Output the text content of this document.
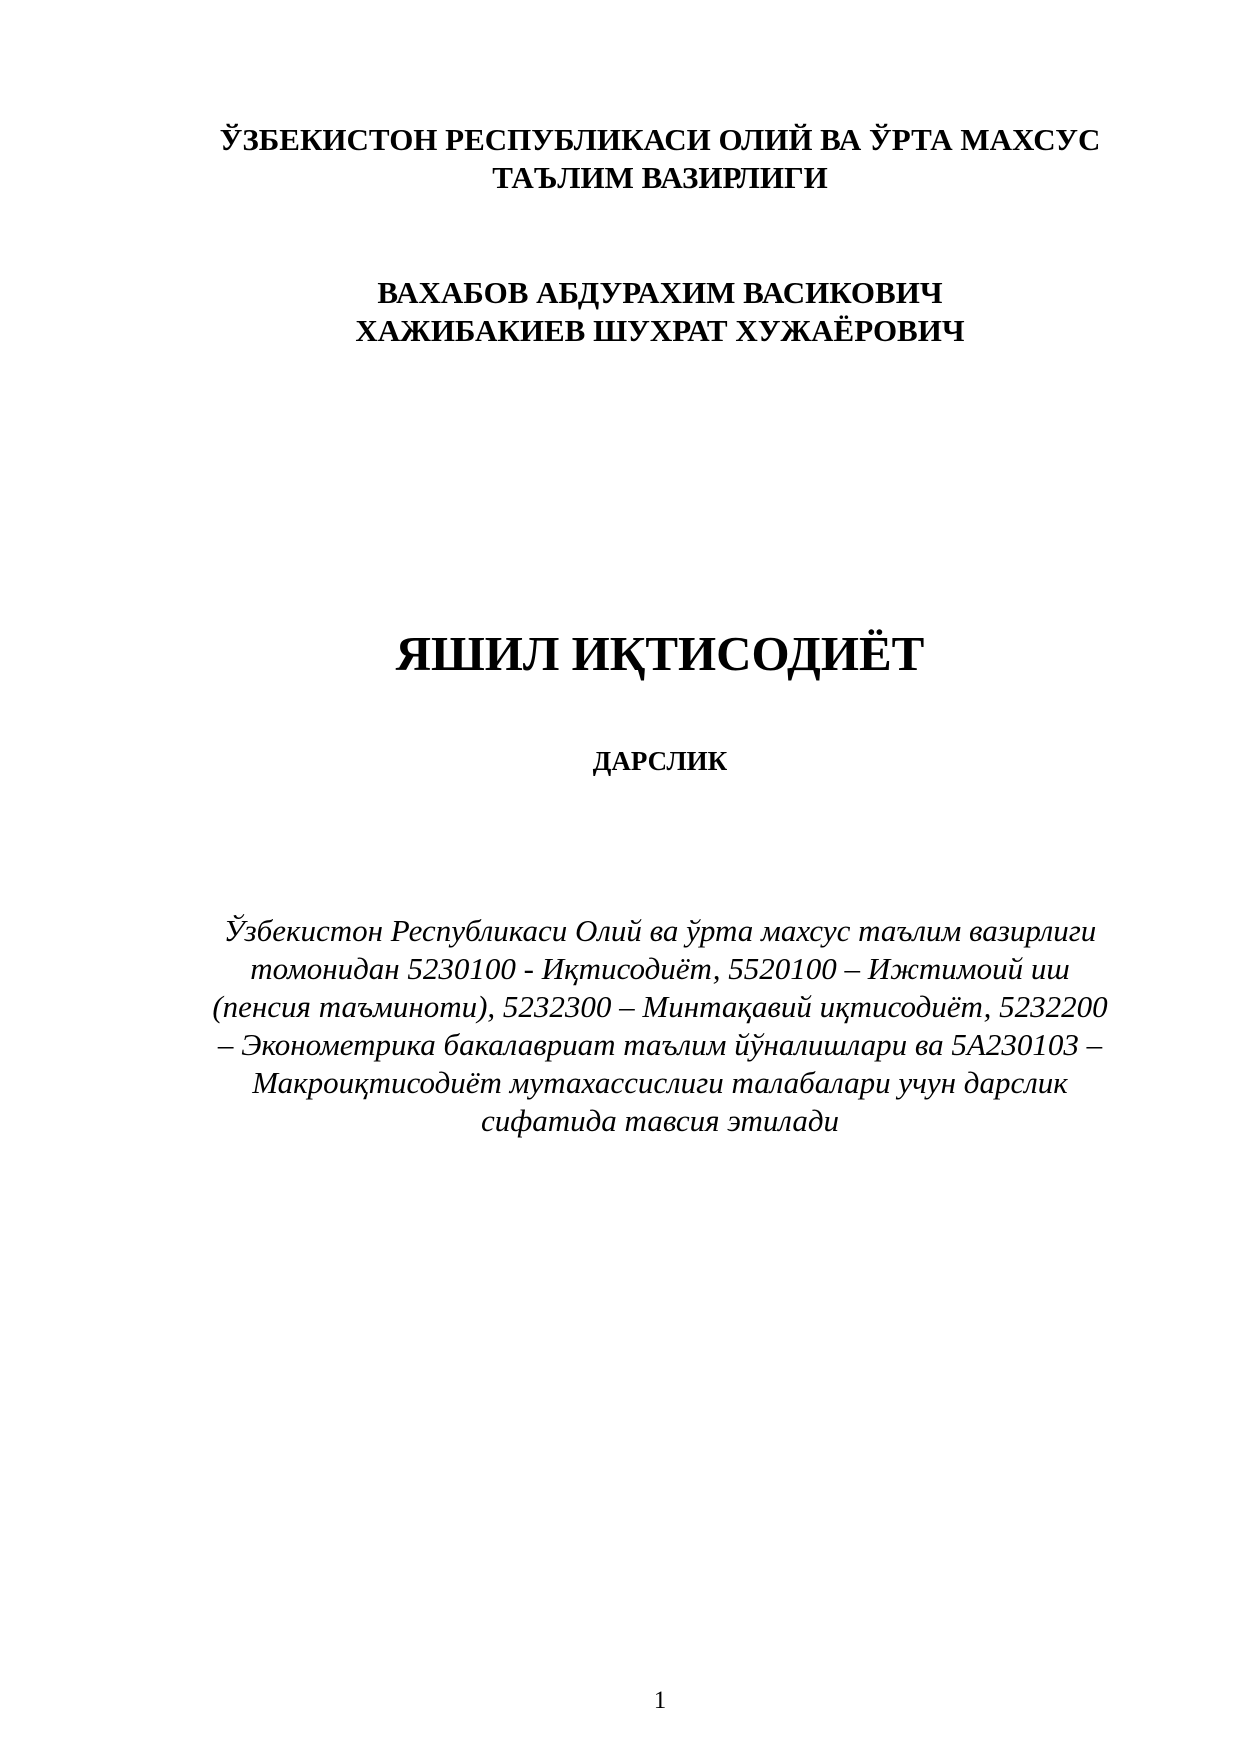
ЎЗБЕКИСТОН РЕСПУБЛИКАСИ ОЛИЙ ВА ЎРТА МАХСУС
ТАЪЛИМ ВАЗИРЛИГИ
ВАХАБОВ АБДУРАХИМ ВАСИКОВИЧ
ХАЖИБАКИЕВ ШУХРАТ ХУЖАЁРОВИЧ
ЯШИЛ ИҚТИСОДИЁТ
ДАРСЛИК
Ўзбекистон Республикаси Олий ва ўрта махсус таълим вазирлиги
томонидан 5230100 - Иқтисодиёт, 5520100 – Ижтимоий иш
(пенсия таъминоти), 5232300 – Минтақавий иқтисодиёт, 5232200
– Эконометрика бакалавриат таълим йўналишлари ва 5А230103 –
Макроиқтисодиёт мутахассислиги талабалари учун дарслик
сифатида тавсия этилади
1
